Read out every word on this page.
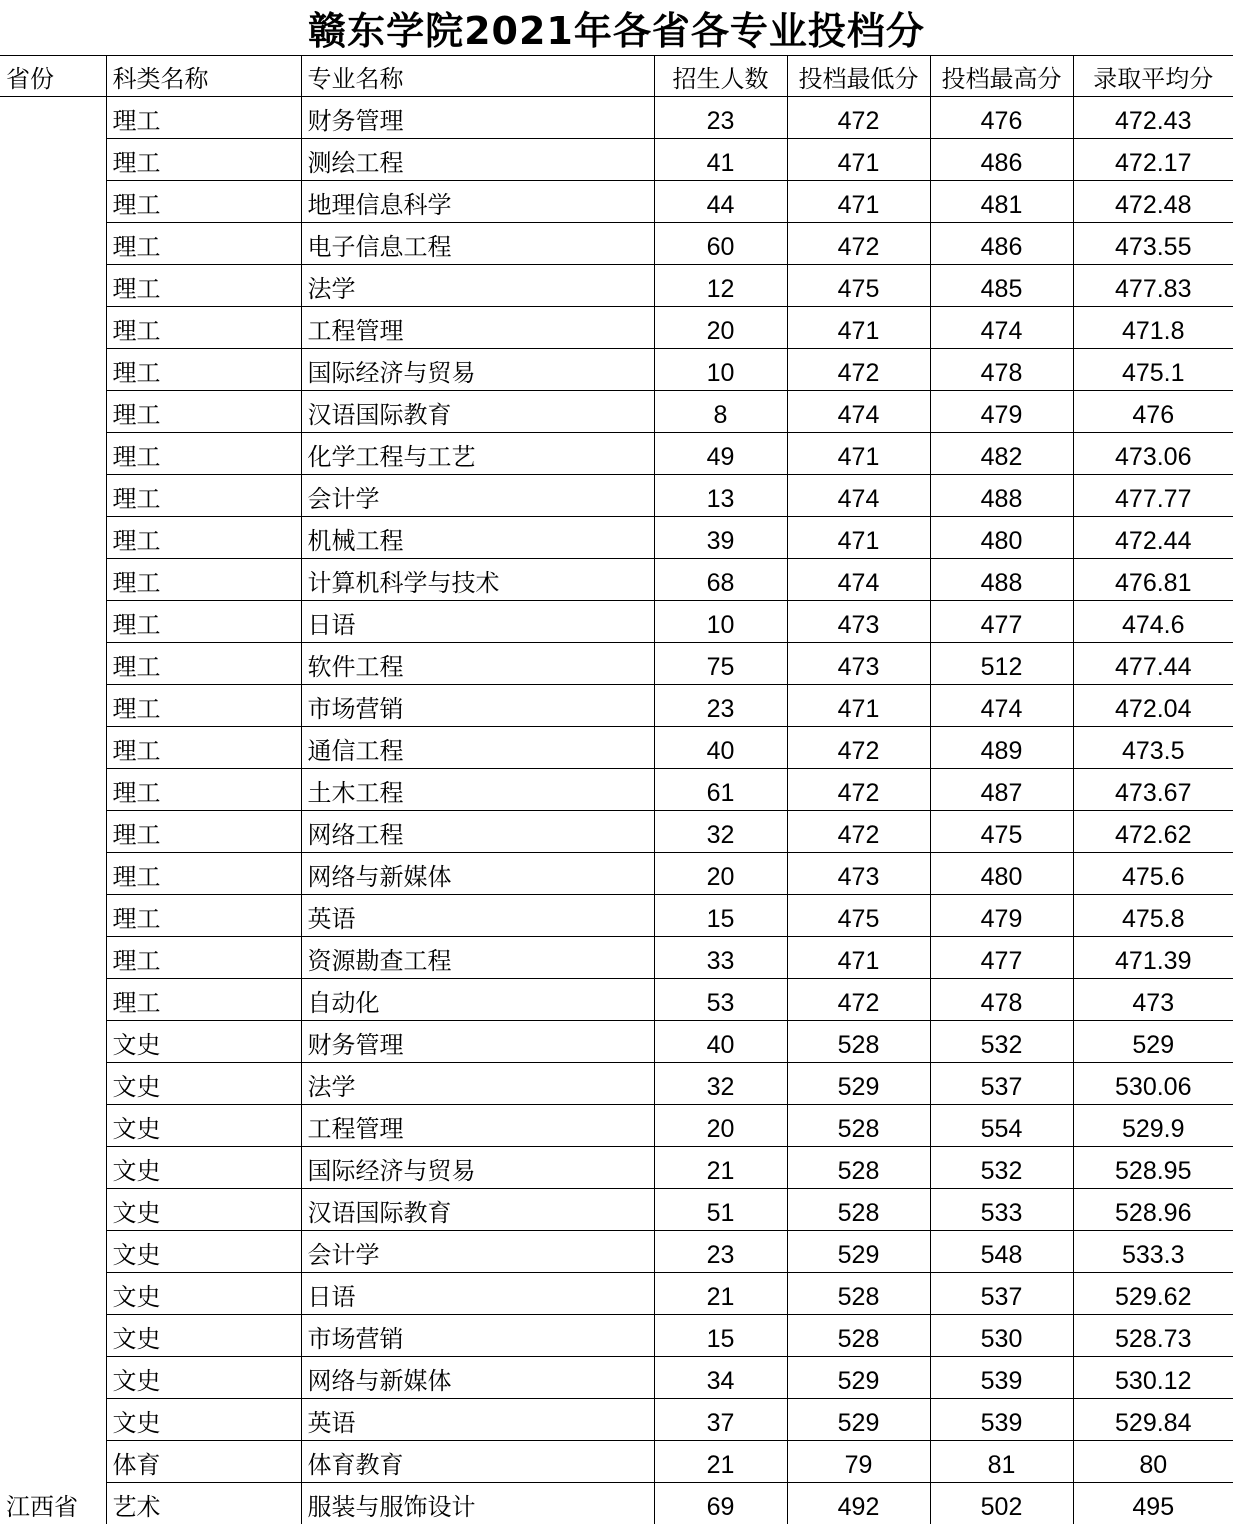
赣东学院2021年各省各专业投档分
省份	科类名称	专业名称	招生人数	投档最低分	投档最高分	录取平均分
	理工	财务管理	23	472	476	472.43
	理工	测绘工程	41	471	486	472.17
	理工	地理信息科学	44	471	481	472.48
	理工	电子信息工程	60	472	486	473.55
	理工	法学	12	475	485	477.83
	理工	工程管理	20	471	474	471.8
	理工	国际经济与贸易	10	472	478	475.1
	理工	汉语国际教育	8	474	479	476
	理工	化学工程与工艺	49	471	482	473.06
	理工	会计学	13	474	488	477.77
	理工	机械工程	39	471	480	472.44
	理工	计算机科学与技术	68	474	488	476.81
	理工	日语	10	473	477	474.6
	理工	软件工程	75	473	512	477.44
	理工	市场营销	23	471	474	472.04
	理工	通信工程	40	472	489	473.5
	理工	土木工程	61	472	487	473.67
	理工	网络工程	32	472	475	472.62
	理工	网络与新媒体	20	473	480	475.6
	理工	英语	15	475	479	475.8
	理工	资源勘查工程	33	471	477	471.39
	理工	自动化	53	472	478	473
	文史	财务管理	40	528	532	529
	文史	法学	32	529	537	530.06
	文史	工程管理	20	528	554	529.9
	文史	国际经济与贸易	21	528	532	528.95
	文史	汉语国际教育	51	528	533	528.96
	文史	会计学	23	529	548	533.3
	文史	日语	21	528	537	529.62
	文史	市场营销	15	528	530	528.73
	文史	网络与新媒体	34	529	539	530.12
	文史	英语	37	529	539	529.84
	体育	体育教育	21	79	81	80
江西省	艺术	服装与服饰设计	69	492	502	495
